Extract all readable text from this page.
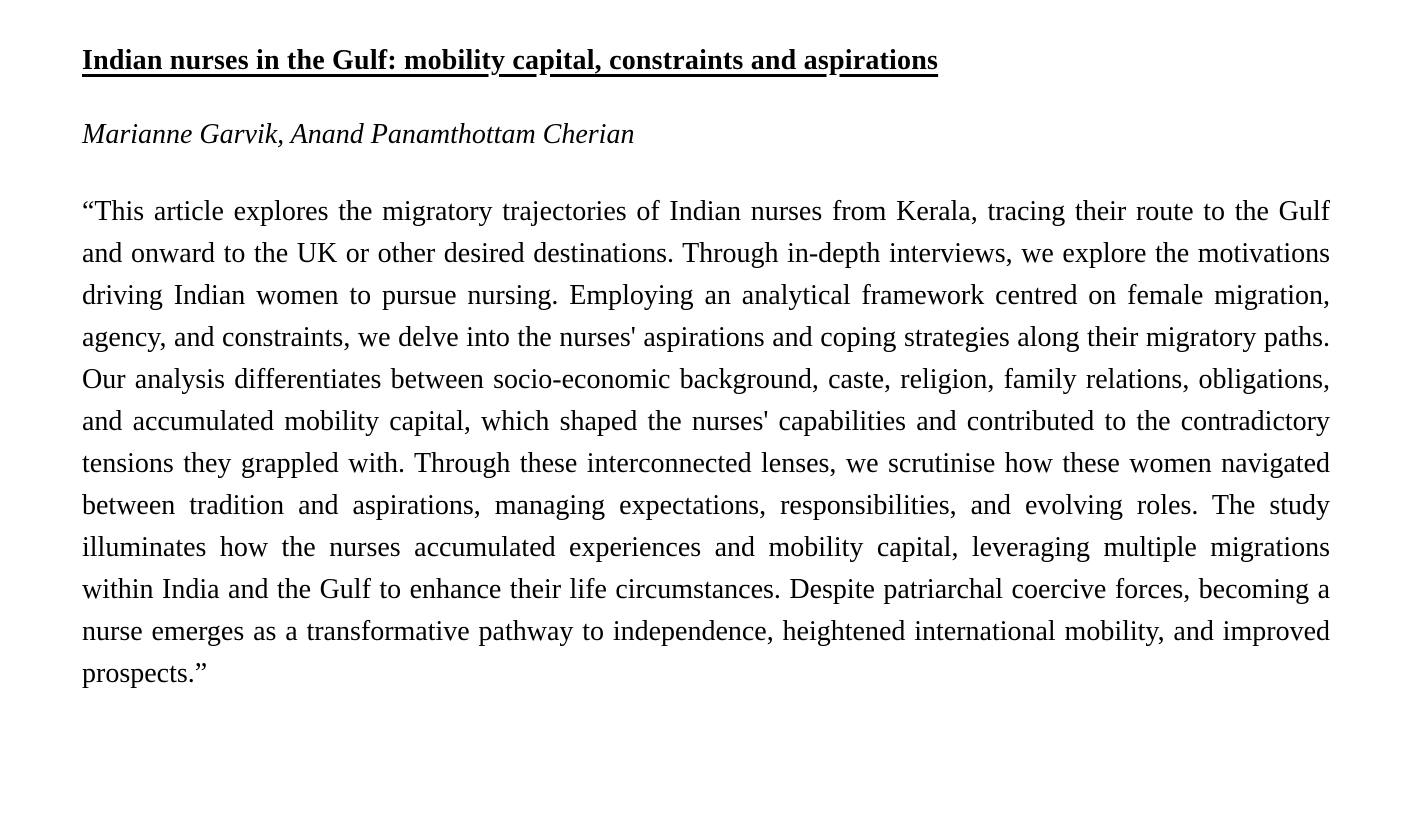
Indian nurses in the Gulf: mobility capital, constraints and aspirations

Marianne Garvik, Anand Panamthottam Cherian

“This article explores the migratory trajectories of Indian nurses from Kerala, tracing their route to the Gulf and onward to the UK or other desired destinations. Through in-depth interviews, we explore the motivations driving Indian women to pursue nursing. Employing an analytical framework centred on female migration, agency, and constraints, we delve into the nurses' aspirations and coping strategies along their migratory paths. Our analysis differentiates between socio-economic background, caste, religion, family relations, obligations, and accumulated mobility capital, which shaped the nurses' capabilities and contributed to the contradictory tensions they grappled with. Through these interconnected lenses, we scrutinise how these women navigated between tradition and aspirations, managing expectations, responsibilities, and evolving roles. The study illuminates how the nurses accumulated experiences and mobility capital, leveraging multiple migrations within India and the Gulf to enhance their life circumstances. Despite patriarchal coercive forces, becoming a nurse emerges as a transformative pathway to independence, heightened international mobility, and improved prospects.”
